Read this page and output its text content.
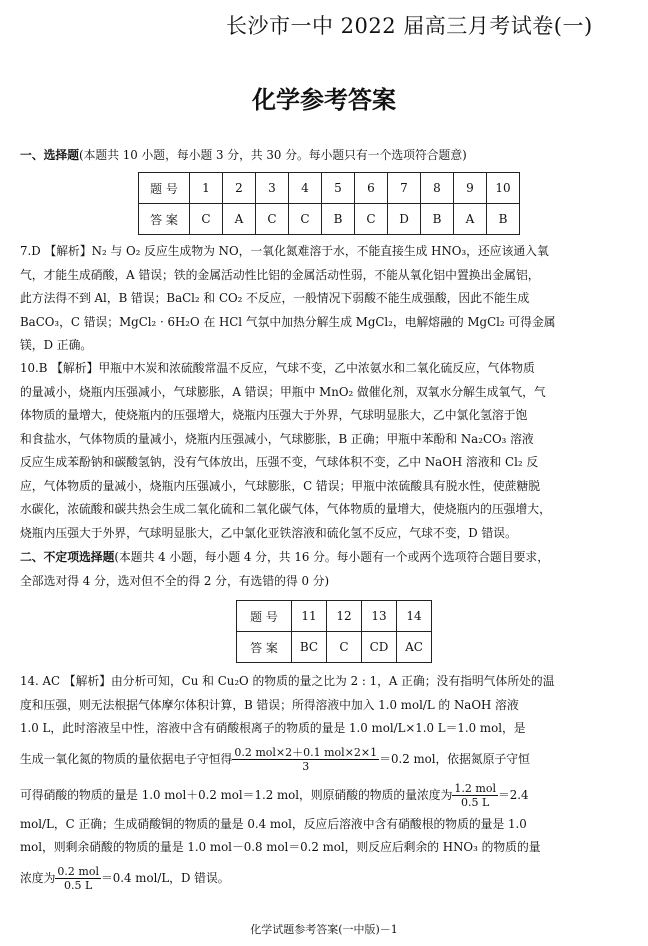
长沙市一中 2022 届高三月考试卷(一)
化学参考答案
一、选择题(本题共 10 小题，每小题 3 分，共 30 分。每小题只有一个选项符合题意)
题 号	1	2	3	4	5	6	7	8	9	10
答 案	C	A	C	C	B	C	D	B	A	B
7.D 【解析】N₂ 与 O₂ 反应生成物为 NO，一氧化氮难溶于水，不能直接生成 HNO₃，还应该通入氧
气，才能生成硝酸，A 错误；铁的金属活动性比铝的金属活动性弱，不能从氧化铝中置换出金属铝，
此方法得不到 Al，B 错误；BaCl₂ 和 CO₂ 不反应，一般情况下弱酸不能生成强酸，因此不能生成
BaCO₃，C 错误；MgCl₂ · 6H₂O 在 HCl 气氛中加热分解生成 MgCl₂，电解熔融的 MgCl₂ 可得金属
镁，D 正确。
10.B 【解析】甲瓶中木炭和浓硫酸常温不反应，气球不变，乙中浓氨水和二氧化硫反应，气体物质
的量减小，烧瓶内压强减小，气球膨胀，A 错误；甲瓶中 MnO₂ 做催化剂，双氧水分解生成氧气，气
体物质的量增大，使烧瓶内的压强增大，烧瓶内压强大于外界，气球明显胀大，乙中氯化氢溶于饱
和食盐水，气体物质的量减小，烧瓶内压强减小，气球膨胀，B 正确；甲瓶中苯酚和 Na₂CO₃ 溶液
反应生成苯酚钠和碳酸氢钠，没有气体放出，压强不变，气球体积不变，乙中 NaOH 溶液和 Cl₂ 反
应，气体物质的量减小，烧瓶内压强减小，气球膨胀，C 错误；甲瓶中浓硫酸具有脱水性，使蔗糖脱
水碳化，浓硫酸和碳共热会生成二氧化硫和二氧化碳气体，气体物质的量增大，使烧瓶内的压强增大，
烧瓶内压强大于外界，气球明显胀大，乙中氯化亚铁溶液和硫化氢不反应，气球不变，D 错误。
二、不定项选择题(本题共 4 小题，每小题 4 分，共 16 分。每小题有一个或两个选项符合题目要求，
全部选对得 4 分，选对但不全的得 2 分，有选错的得 0 分)
题 号	11	12	13	14
答 案	BC	C	CD	AC
14. AC 【解析】由分析可知，Cu 和 Cu₂O 的物质的量之比为 2 : 1，A 正确；没有指明气体所处的温
度和压强，则无法根据气体摩尔体积计算，B 错误；所得溶液中加入 1.0 mol/L 的 NaOH 溶液
1.0 L，此时溶液呈中性，溶液中含有硝酸根离子的物质的量是 1.0 mol/L×1.0 L＝1.0 mol，是
生成一氧化氮的物质的量依据电子守恒得 $\frac{\text{0.2 mol×2＋0.1 mol×2×1}}{3} =0.2$ mol，依据氮原子守恒
可得硝酸的物质的量是 1.0 mol＋0.2 mol＝1.2 mol，则原硝酸的物质的量浓度为 $\frac{\text{1.2 mol}}{0.5 L} =2.4$
mol/L，C 正确；生成硝酸铜的物质的量是 0.4 mol，反应后溶液中含有硝酸根的物质的量是 1.0
mol，则剩余硝酸的物质的量是 1.0 mol－0.8 mol＝0.2 mol，则反应后剩余的 HNO₃ 的物质的量
浓度为 $\frac{\text{0.2 mol}}{0.5 L} =0.4$ mol/L，D 错误。
化学试题参考答案(一中版)－1
